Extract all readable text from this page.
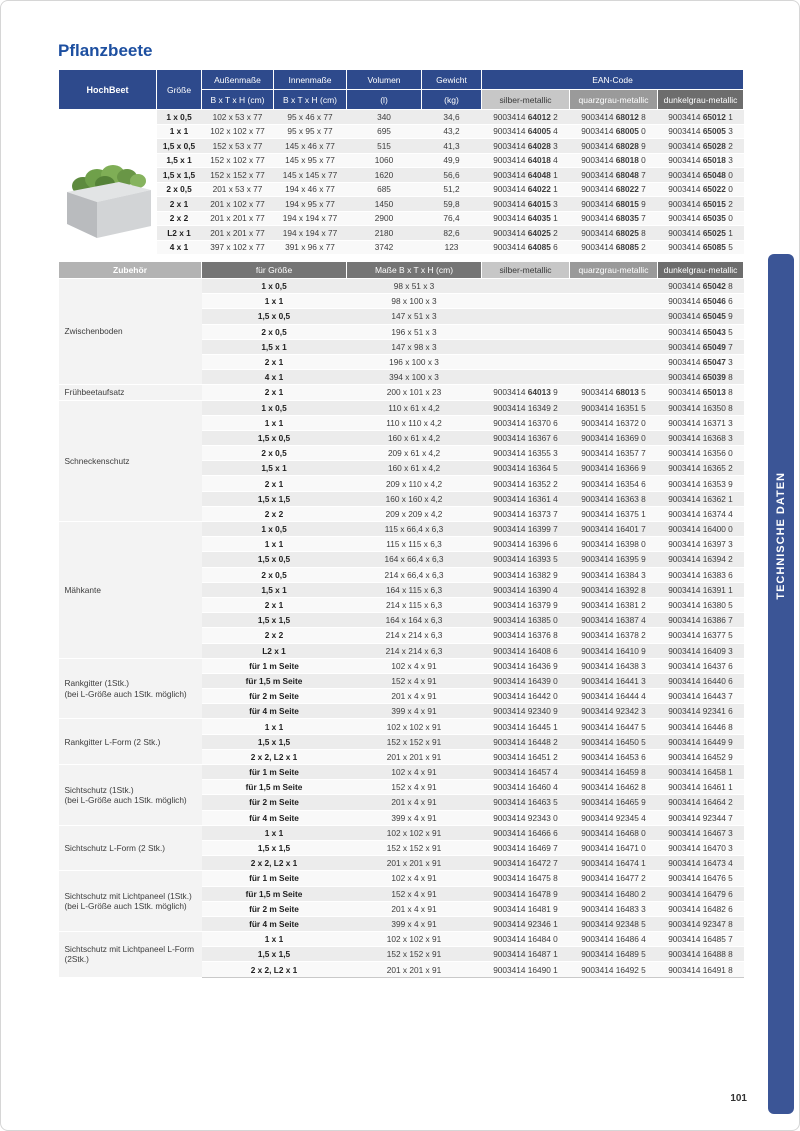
Pflanzbeete
HochBeet	Größe	Außenmaße	Innenmaße	Volumen	Gewicht	EAN-Code		
		B x T x H (cm)	B x T x H (cm)	(l)	(kg)	silber-metallic	quarzgrau-metallic	dunkelgrau-metallic
	1 x 0,5	102 x 53 x 77	95 x 46 x 77	340	34,6	9003414 64012 2	9003414 68012 8	9003414 65012 1
	1 x 1	102 x 102 x 77	95 x 95 x 77	695	43,2	9003414 64005 4	9003414 68005 0	9003414 65005 3
	1,5 x 0,5	152 x 53 x 77	145 x 46 x 77	515	41,3	9003414 64028 3	9003414 68028 9	9003414 65028 2
	1,5 x 1	152 x 102 x 77	145 x 95 x 77	1060	49,9	9003414 64018 4	9003414 68018 0	9003414 65018 3
	1,5 x 1,5	152 x 152 x 77	145 x 145 x 77	1620	56,6	9003414 64048 1	9003414 68048 7	9003414 65048 0
	2 x 0,5	201 x 53 x 77	194 x 46 x 77	685	51,2	9003414 64022 1	9003414 68022 7	9003414 65022 0
	2 x 1	201 x 102 x 77	194 x 95 x 77	1450	59,8	9003414 64015 3	9003414 68015 9	9003414 65015 2
	2 x 2	201 x 201 x 77	194 x 194 x 77	2900	76,4	9003414 64035 1	9003414 68035 7	9003414 65035 0
	L2 x 1	201 x 201 x 77	194 x 194 x 77	2180	82,6	9003414 64025 2	9003414 68025 8	9003414 65025 1
	4 x 1	397 x 102 x 77	391 x 96 x 77	3742	123	9003414 64085 6	9003414 68085 2	9003414 65085 5
Zubehör	für Größe	Maße B x T x H (cm)	silber-metallic	quarzgrau-metallic	dunkelgrau-metallic

Zwischenboden	1 x 0,5	98 x 51 x 3			9003414 65042 8
	1 x 1	98 x 100 x 3			9003414 65046 6
	1,5 x 0,5	147 x 51 x 3			9003414 65045 9
	2 x 0,5	196 x 51 x 3			9003414 65043 5
	1,5 x 1	147 x 98 x 3			9003414 65049 7
	2 x 1	196 x 100 x 3			9003414 65047 3
	4 x 1	394 x 100 x 3			9003414 65039 8

Frühbeetaufsatz	2 x 1	200 x 101 x 23	9003414 64013 9	9003414 68013 5	9003414 65013 8

Schneckenschutz	1 x 0,5	110 x 61 x 4,2	9003414 16349 2	9003414 16351 5	9003414 16350 8
	1 x 1	110 x 110 x 4,2	9003414 16370 6	9003414 16372 0	9003414 16371 3
	1,5 x 0,5	160 x 61 x 4,2	9003414 16367 6	9003414 16369 0	9003414 16368 3
	2 x 0,5	209 x 61 x 4,2	9003414 16355 3	9003414 16357 7	9003414 16356 0
	1,5 x 1	160 x 61 x 4,2	9003414 16364 5	9003414 16366 9	9003414 16365 2
	2 x 1	209 x 110 x 4,2	9003414 16352 2	9003414 16354 6	9003414 16353 9
	1,5 x 1,5	160 x 160 x 4,2	9003414 16361 4	9003414 16363 8	9003414 16362 1
	2 x 2	209 x 209 x 4,2	9003414 16373 7	9003414 16375 1	9003414 16374 4

Mähkante	1 x 0,5	115 x 66,4 x 6,3	9003414 16399 7	9003414 16401 7	9003414 16400 0
	1 x 1	115 x 115 x 6,3	9003414 16396 6	9003414 16398 0	9003414 16397 3
	1,5 x 0,5	164 x 66,4 x 6,3	9003414 16393 5	9003414 16395 9	9003414 16394 2
	2 x 0,5	214 x 66,4 x 6,3	9003414 16382 9	9003414 16384 3	9003414 16383 6
	1,5 x 1	164 x 115 x 6,3	9003414 16390 4	9003414 16392 8	9003414 16391 1
	2 x 1	214 x 115 x 6,3	9003414 16379 9	9003414 16381 2	9003414 16380 5
	1,5 x 1,5	164 x 164 x 6,3	9003414 16385 0	9003414 16387 4	9003414 16386 7
	2 x 2	214 x 214 x 6,3	9003414 16376 8	9003414 16378 2	9003414 16377 5
	L2 x 1	214 x 214 x 6,3	9003414 16408 6	9003414 16410 9	9003414 16409 3

Rankgitter (1Stk.)
(bei L-Größe auch 1Stk. möglich)	für 1 m Seite	102 x 4 x 91	9003414 16436 9	9003414 16438 3	9003414 16437 6
	für 1,5 m Seite	152 x 4 x 91	9003414 16439 0	9003414 16441 3	9003414 16440 6
	für 2 m Seite	201 x 4 x 91	9003414 16442 0	9003414 16444 4	9003414 16443 7
	für 4 m Seite	399 x 4 x 91	9003414 92340 9	9003414 92342 3	9003414 92341 6

Rankgitter L-Form (2 Stk.)	1 x 1	102 x 102 x 91	9003414 16445 1	9003414 16447 5	9003414 16446 8
	1,5 x 1,5	152 x 152 x 91	9003414 16448 2	9003414 16450 5	9003414 16449 9
	2 x 2, L2 x 1	201 x 201 x 91	9003414 16451 2	9003414 16453 6	9003414 16452 9

Sichtschutz (1Stk.)
(bei L-Größe auch 1Stk. möglich)	für 1 m Seite	102 x 4 x 91	9003414 16457 4	9003414 16459 8	9003414 16458 1
	für 1,5 m Seite	152 x 4 x 91	9003414 16460 4	9003414 16462 8	9003414 16461 1
	für 2 m Seite	201 x 4 x 91	9003414 16463 5	9003414 16465 9	9003414 16464 2
	für 4 m Seite	399 x 4 x 91	9003414 92343 0	9003414 92345 4	9003414 92344 7

Sichtschutz L-Form (2 Stk.)	1 x 1	102 x 102 x 91	9003414 16466 6	9003414 16468 0	9003414 16467 3
	1,5 x 1,5	152 x 152 x 91	9003414 16469 7	9003414 16471 0	9003414 16470 3
	2 x 2, L2 x 1	201 x 201 x 91	9003414 16472 7	9003414 16474 1	9003414 16473 4

Sichtschutz mit Lichtpaneel (1Stk.)
(bei L-Größe auch 1Stk. möglich)	für 1 m Seite	102 x 4 x 91	9003414 16475 8	9003414 16477 2	9003414 16476 5
	für 1,5 m Seite	152 x 4 x 91	9003414 16478 9	9003414 16480 2	9003414 16479 6
	für 2 m Seite	201 x 4 x 91	9003414 16481 9	9003414 16483 3	9003414 16482 6
	für 4 m Seite	399 x 4 x 91	9003414 92346 1	9003414 92348 5	9003414 92347 8

Sichtschutz mit Lichtpaneel L-Form (2Stk.)	1 x 1	102 x 102 x 91	9003414 16484 0	9003414 16486 4	9003414 16485 7
	1,5 x 1,5	152 x 152 x 91	9003414 16487 1	9003414 16489 5	9003414 16488 8
	2 x 2, L2 x 1	201 x 201 x 91	9003414 16490 1	9003414 16492 5	9003414 16491 8
TECHNISCHE DATEN
101
